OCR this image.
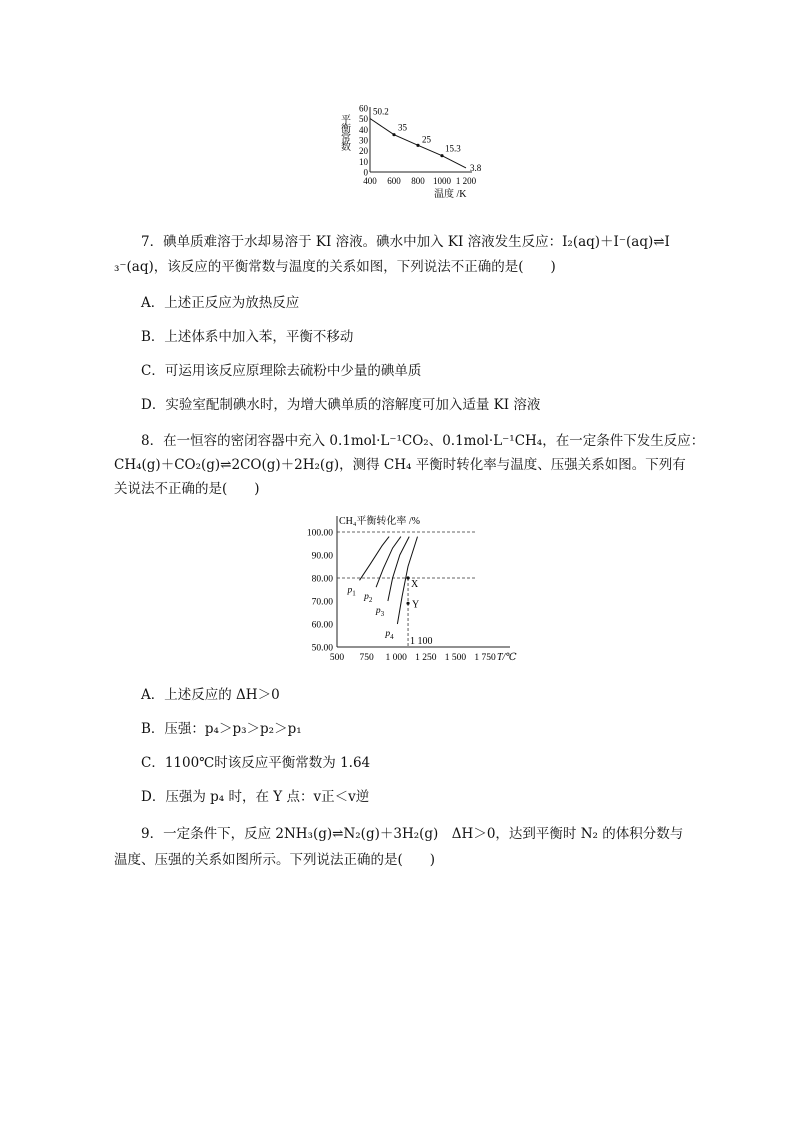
平衡常数
60
50
40
30
20
10
0
400 600 800 1000 1 200
50.2
35
25
15.3
3.8
温度 /K
7．碘单质难溶于水却易溶于 KI 溶液。碘水中加入 KI 溶液发生反应：I₂(aq)＋I⁻(aq)⇌I
₃⁻(aq)，该反应的平衡常数与温度的关系如图，下列说法不正确的是(　　)
A．上述正反应为放热反应
B．上述体系中加入苯，平衡不移动
C．可运用该反应原理除去硫粉中少量的碘单质
D．实验室配制碘水时，为增大碘单质的溶解度可加入适量 KI 溶液
8．在一恒容的密闭容器中充入 0.1mol·L⁻¹CO₂、0.1mol·L⁻¹CH₄，在一定条件下发生反应：
CH₄(g)＋CO₂(g)⇌2CO(g)＋2H₂(g)，测得 CH₄ 平衡时转化率与温度、压强关系如图。下列有
关说法不正确的是(　　)
100.00
90.00
80.00
70.00
60.00
50.00
500 750 1 000 1 250 1 500 1 750
CH₄平衡转化率 /%
T/℃
$p_1$ $p_2$
$p_3$
$p_4$ 1 100
X
Y
A．上述反应的 ΔH＞0
B．压强：p₄＞p₃＞p₂＞p₁
C．1100℃时该反应平衡常数为 1.64
D．压强为 p₄ 时，在 Y 点：v正＜v逆
9．一定条件下，反应 2NH₃(g)⇌N₂(g)＋3H₂(g)　ΔH＞0，达到平衡时 N₂ 的体积分数与
温度、压强的关系如图所示。下列说法正确的是(　　)
